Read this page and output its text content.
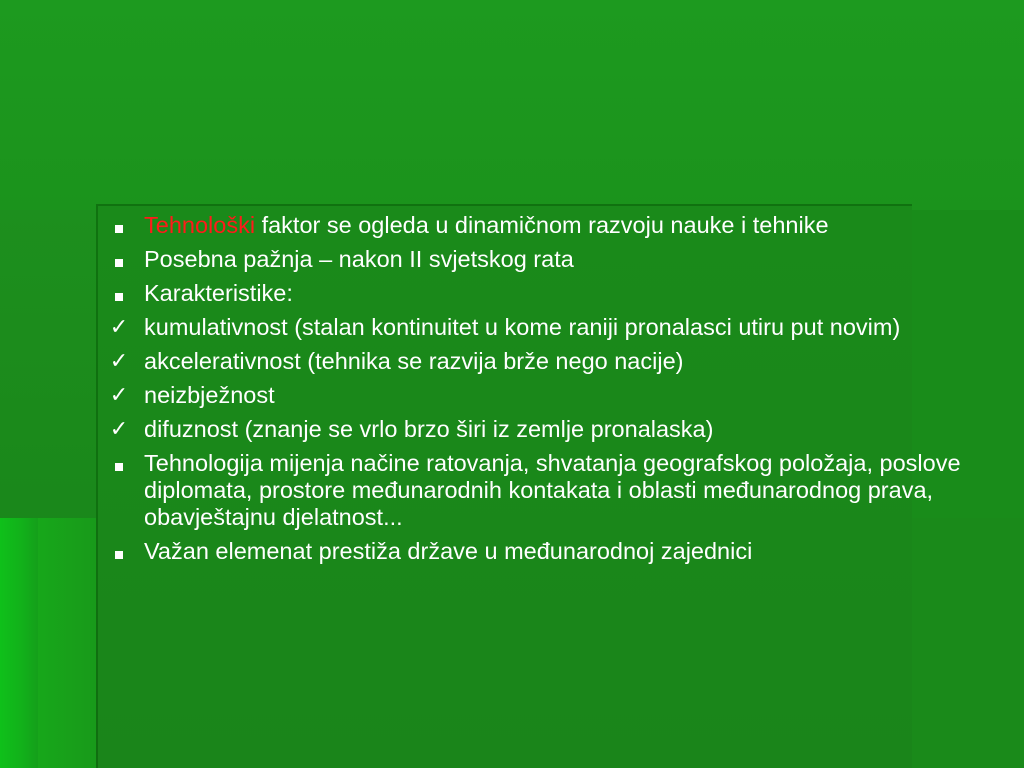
Tehnološki faktor se ogleda u dinamičnom razvoju nauke i tehnike
Posebna pažnja – nakon II svjetskog rata
Karakteristike:
✓ kumulativnost (stalan kontinuitet u kome raniji pronalasci utiru put novim)
✓ akcelerativnost (tehnika se razvija brže nego nacije)
✓ neizbježnost
✓ difuznost (znanje se vrlo brzo širi iz zemlje pronalaska)
Tehnologija mijenja načine ratovanja, shvatanja geografskog položaja, poslove diplomata, prostore međunarodnih kontakata i oblasti međunarodnog prava, obavještajnu djelatnost...
Važan elemenat prestiža države u međunarodnoj zajednici
